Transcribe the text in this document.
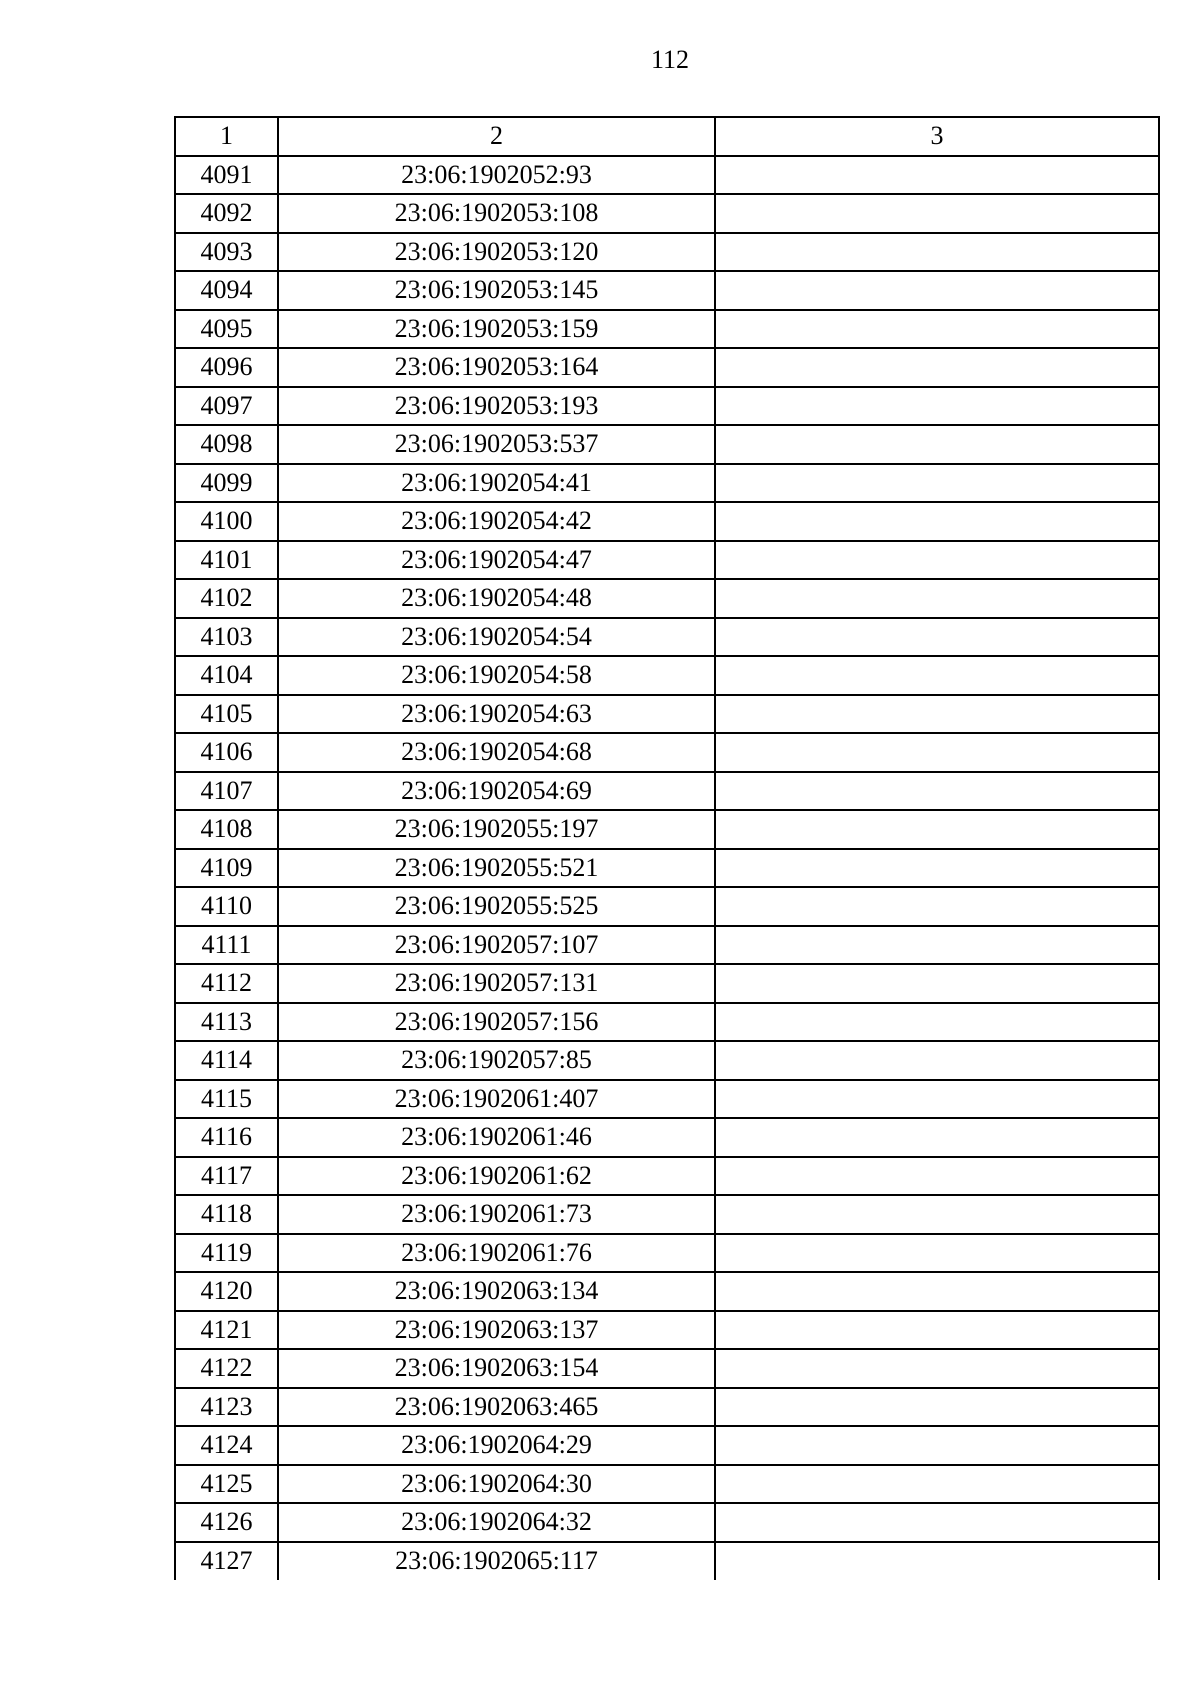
112
1	2	3
4091	23:06:1902052:93	
4092	23:06:1902053:108	
4093	23:06:1902053:120	
4094	23:06:1902053:145	
4095	23:06:1902053:159	
4096	23:06:1902053:164	
4097	23:06:1902053:193	
4098	23:06:1902053:537	
4099	23:06:1902054:41	
4100	23:06:1902054:42	
4101	23:06:1902054:47	
4102	23:06:1902054:48	
4103	23:06:1902054:54	
4104	23:06:1902054:58	
4105	23:06:1902054:63	
4106	23:06:1902054:68	
4107	23:06:1902054:69	
4108	23:06:1902055:197	
4109	23:06:1902055:521	
4110	23:06:1902055:525	
4111	23:06:1902057:107	
4112	23:06:1902057:131	
4113	23:06:1902057:156	
4114	23:06:1902057:85	
4115	23:06:1902061:407	
4116	23:06:1902061:46	
4117	23:06:1902061:62	
4118	23:06:1902061:73	
4119	23:06:1902061:76	
4120	23:06:1902063:134	
4121	23:06:1902063:137	
4122	23:06:1902063:154	
4123	23:06:1902063:465	
4124	23:06:1902064:29	
4125	23:06:1902064:30	
4126	23:06:1902064:32	
4127	23:06:1902065:117	
